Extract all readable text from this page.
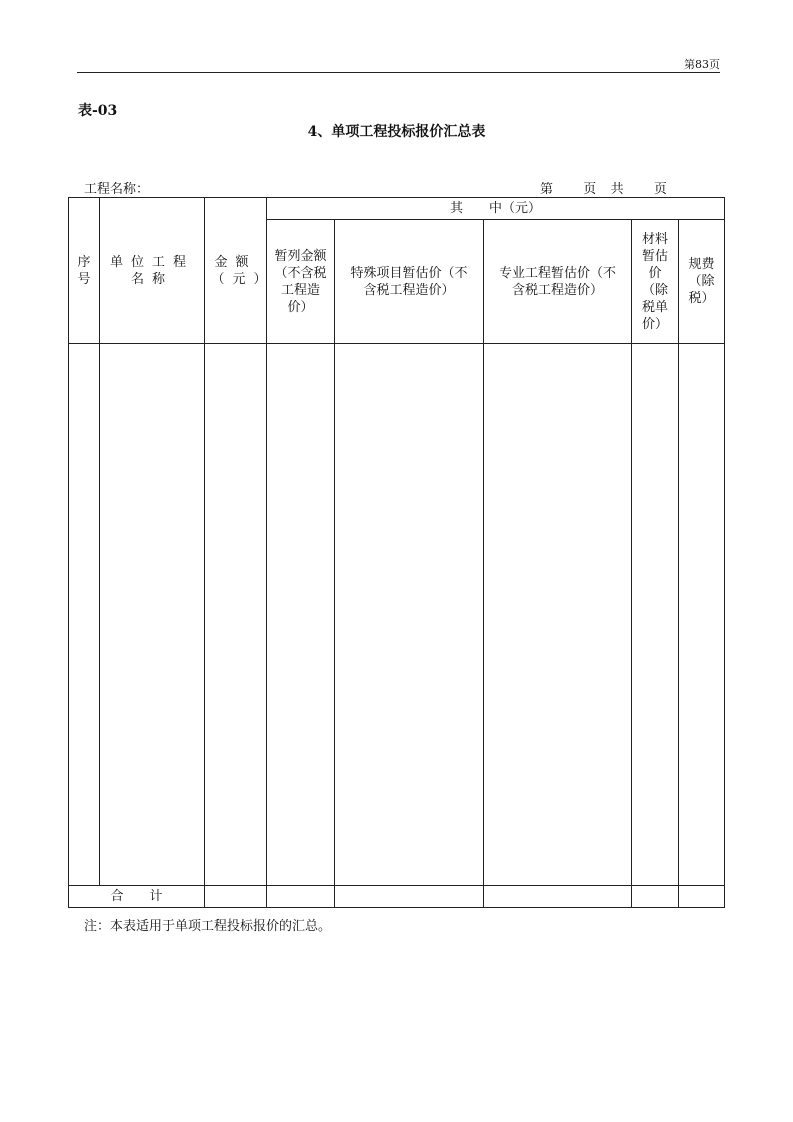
第83页
表-03
4、单项工程投标报价汇总表
工程名称：	第 页 共 页
序号	单位工程名称	金额（元）	其　　中（元）				
			暂列金额（不含税工程造价）	特殊项目暂估价（不含税工程造价）	专业工程暂估价（不含税工程造价）	材料暂估价（除税单价）	规费（除税）

合　　计							
注：本表适用于单项工程投标报价的汇总。
